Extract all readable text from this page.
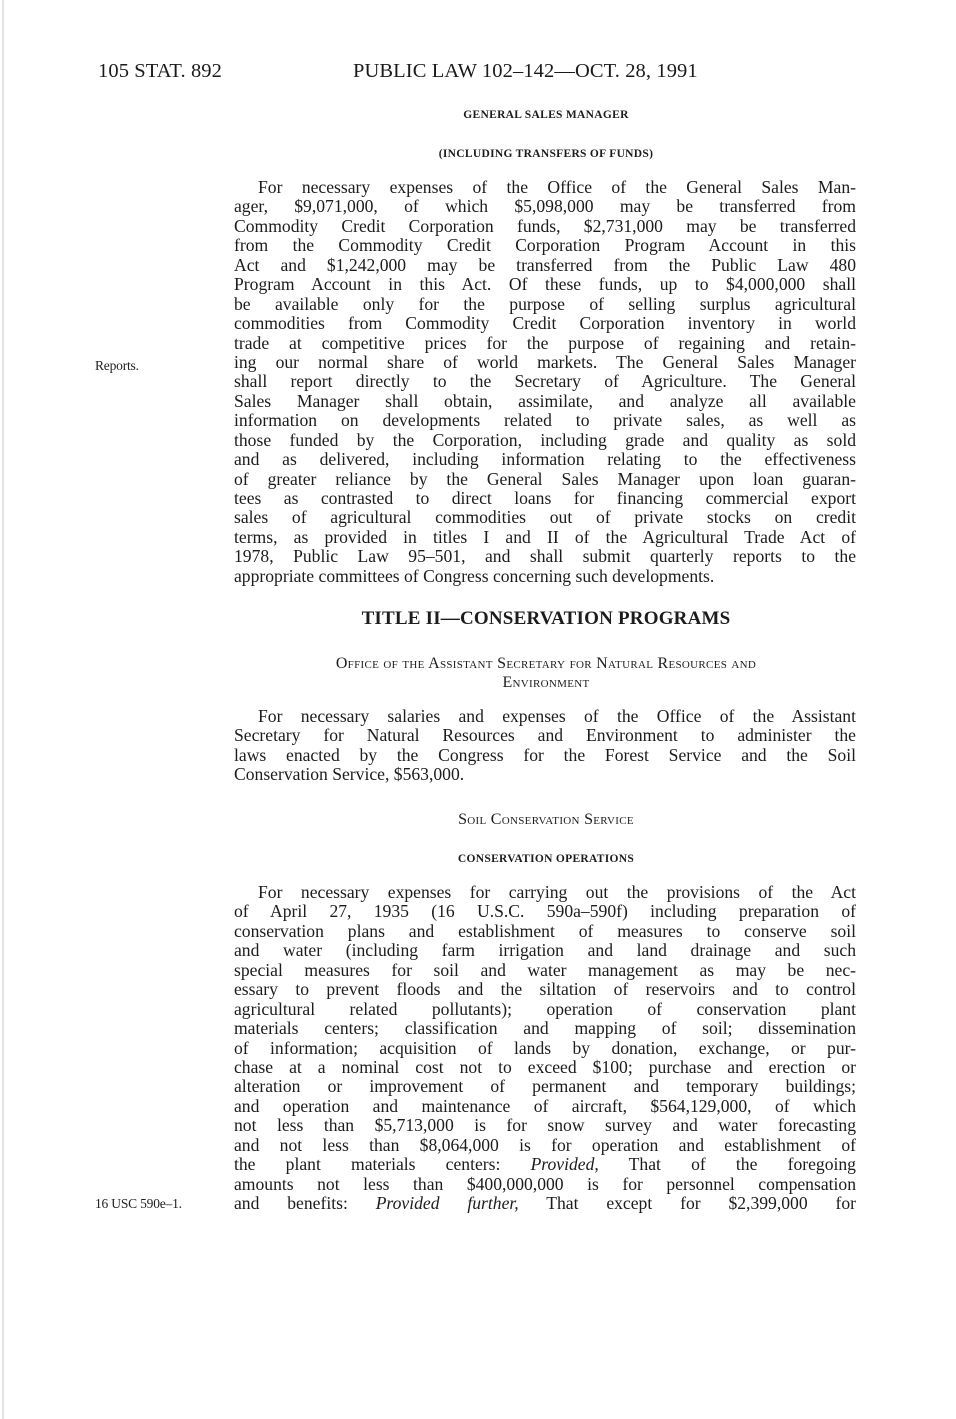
105 STAT. 892	PUBLIC LAW 102–142—OCT. 28, 1991
GENERAL SALES MANAGER
(INCLUDING TRANSFERS OF FUNDS)
For necessary expenses of the Office of the General Sales Man-
ager, $9,071,000, of which $5,098,000 may be transferred from
Commodity Credit Corporation funds, $2,731,000 may be transferred
from the Commodity Credit Corporation Program Account in this
Act and $1,242,000 may be transferred from the Public Law 480
Program Account in this Act. Of these funds, up to $4,000,000 shall
be available only for the purpose of selling surplus agricultural
commodities from Commodity Credit Corporation inventory in world
trade at competitive prices for the purpose of regaining and retain-
ing our normal share of world markets. The General Sales Manager
shall report directly to the Secretary of Agriculture. The General
Sales Manager shall obtain, assimilate, and analyze all available
information on developments related to private sales, as well as
those funded by the Corporation, including grade and quality as sold
and as delivered, including information relating to the effectiveness
of greater reliance by the General Sales Manager upon loan guaran-
tees as contrasted to direct loans for financing commercial export
sales of agricultural commodities out of private stocks on credit
terms, as provided in titles I and II of the Agricultural Trade Act of
1978, Public Law 95–501, and shall submit quarterly reports to the
appropriate committees of Congress concerning such developments.
Reports.
TITLE II—CONSERVATION PROGRAMS
Office of the Assistant Secretary for Natural Resources and
Environment
For necessary salaries and expenses of the Office of the Assistant
Secretary for Natural Resources and Environment to administer the
laws enacted by the Congress for the Forest Service and the Soil
Conservation Service, $563,000.
Soil Conservation Service
CONSERVATION OPERATIONS
For necessary expenses for carrying out the provisions of the Act
of April 27, 1935 (16 U.S.C. 590a–590f) including preparation of
conservation plans and establishment of measures to conserve soil
and water (including farm irrigation and land drainage and such
special measures for soil and water management as may be nec-
essary to prevent floods and the siltation of reservoirs and to control
agricultural related pollutants); operation of conservation plant
materials centers; classification and mapping of soil; dissemination
of information; acquisition of lands by donation, exchange, or pur-
chase at a nominal cost not to exceed $100; purchase and erection or
alteration or improvement of permanent and temporary buildings;
and operation and maintenance of aircraft, $564,129,000, of which
not less than $5,713,000 is for snow survey and water forecasting
and not less than $8,064,000 is for operation and establishment of
the plant materials centers: Provided, That of the foregoing
amounts not less than $400,000,000 is for personnel compensation
and benefits: Provided further, That except for $2,399,000 for
16 USC 590e–1.
